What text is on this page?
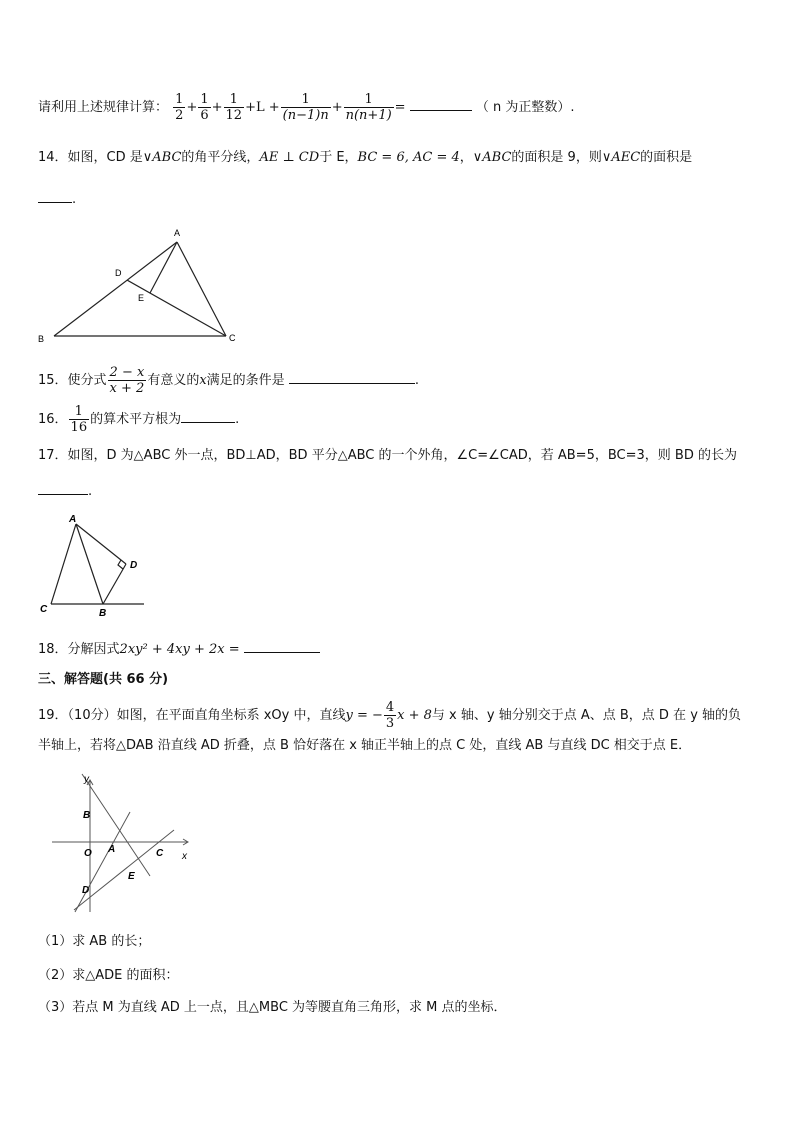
请利用上述规律计算： $\frac{1}{2} + \frac{1}{6} + \frac{1}{12} +L + \frac{1}{(n-1)n} + \frac{1}{n(n+1)}$ =	（ n 为正整数）.
14．如图，CD 是∨ABC的角平分线，AE ⊥ CD于 E，BC = 6, AC = 4，∨ABC的面积是 9，则∨AEC的面积是
.
A
B	C
D
E
15．使分式 $\frac{2 - x}{x + 2}$ 有意义的x满足的条件是	.
16． $\frac{1}{16}$ 的算术平方根为	.
17．如图，D 为△ABC 外一点，BD⊥AD，BD 平分△ABC 的一个外角，∠C=∠CAD，若 AB=5，BC=3，则 BD 的长为
.
A
C	B
D
18．分解因式2xy² + 4xy + 2x =
三、解答题(共 66 分)
19．（10分）如图，在平面直角坐标系 xOy 中，直线y = − $\frac{4}{3}$ x + 8与 x 轴、y 轴分别交于点 A、点 B，点 D 在 y 轴的负
半轴上，若将△DAB 沿直线 AD 折叠，点 B 恰好落在 x 轴正半轴上的点 C 处，直线 AB 与直线 DC 相交于点 E．
y
x
O A
B
C
D
E
（1）求 AB 的长；
（2）求△ADE 的面积：
（3）若点 M 为直线 AD 上一点，且△MBC 为等腰直角三角形，求 M 点的坐标．
